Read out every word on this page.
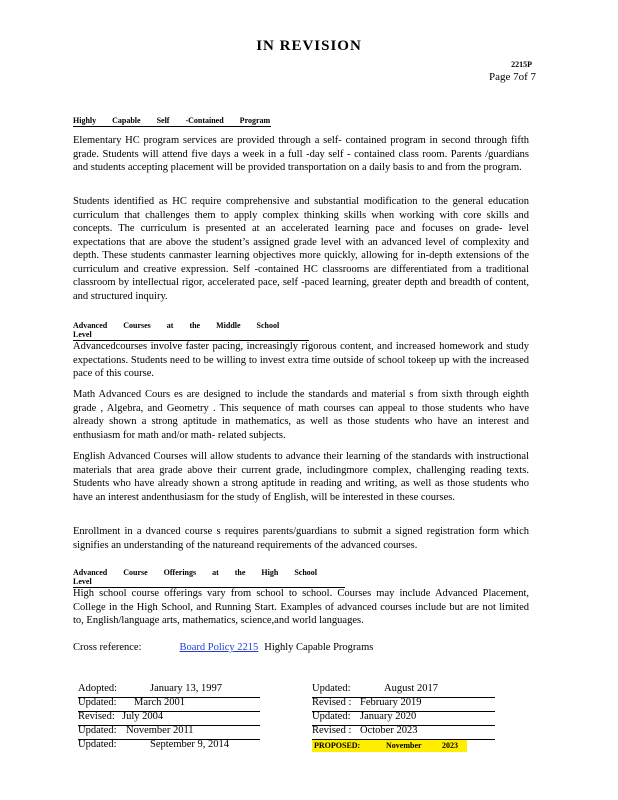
IN REVISION
2215P
Page 7of 7
Highly Capable Self -Contained Program
Elementary HC program services are provided through a self- contained program in second through fifth grade. Students will attend five days a week in a full -day self - contained class room. Parents /guardians and students accepting placement will be provided transportation on a daily basis to and from the program.
Students identified as HC require comprehensive and substantial modification to the general education curriculum that challenges them to apply complex thinking skills when working with core skills and concepts. The curriculum is presented at an accelerated learning pace and focuses on grade- level expectations that are above the student’s assigned grade level with an advanced level of complexity and depth. These students canmaster learning objectives more quickly, allowing for in-depth extensions of the curriculum and creative expression. Self -contained HC classrooms are differentiated from a traditional classroom by intellectual rigor, accelerated pace, self -paced learning, greater depth and breadth of content, and structured inquiry.
Advanced Courses at the Middle School Level
Advancedcourses involve faster pacing, increasingly rigorous content, and increased homework and study expectations. Students need to be willing to invest extra time outside of school tokeep up with the increased pace of this course.
Math Advanced Cours es are designed to include the standards and material s from sixth through eighth grade , Algebra, and Geometry . This sequence of math courses can appeal to those students who have already shown a strong aptitude in mathematics, as well as those students who have an interest and enthusiasm for math and/or math- related subjects.
English Advanced Courses will allow students to advance their learning of the standards with instructional materials that area grade above their current grade, includingmore complex, challenging reading texts. Students who have already shown a strong aptitude in reading and writing, as well as those students who have an interest andenthusiasm for the study of English, will be interested in these courses.
Enrollment in a dvanced course s requires parents/guardians to submit a signed registration form which signifies an understanding of the natureand requirements of the advanced courses.
Advanced Course Offerings at the High School Level
High school course offerings vary from school to school. Courses may include Advanced Placement, College in the High School, and Running Start. Examples of advanced courses include but are not limited to, English/language arts, mathematics, science,and world languages.
Cross reference:	Board Policy 2215 Highly Capable Programs
Adopted:	January 13, 1997
Updated: March 2001
Revised: July 2004
Updated: November 2011
Updated:	September 9, 2014
Updated:	August 2017
Revised : February 2019
Updated: January 2020
Revised : October 2023
PROPOSED:	November	2023
